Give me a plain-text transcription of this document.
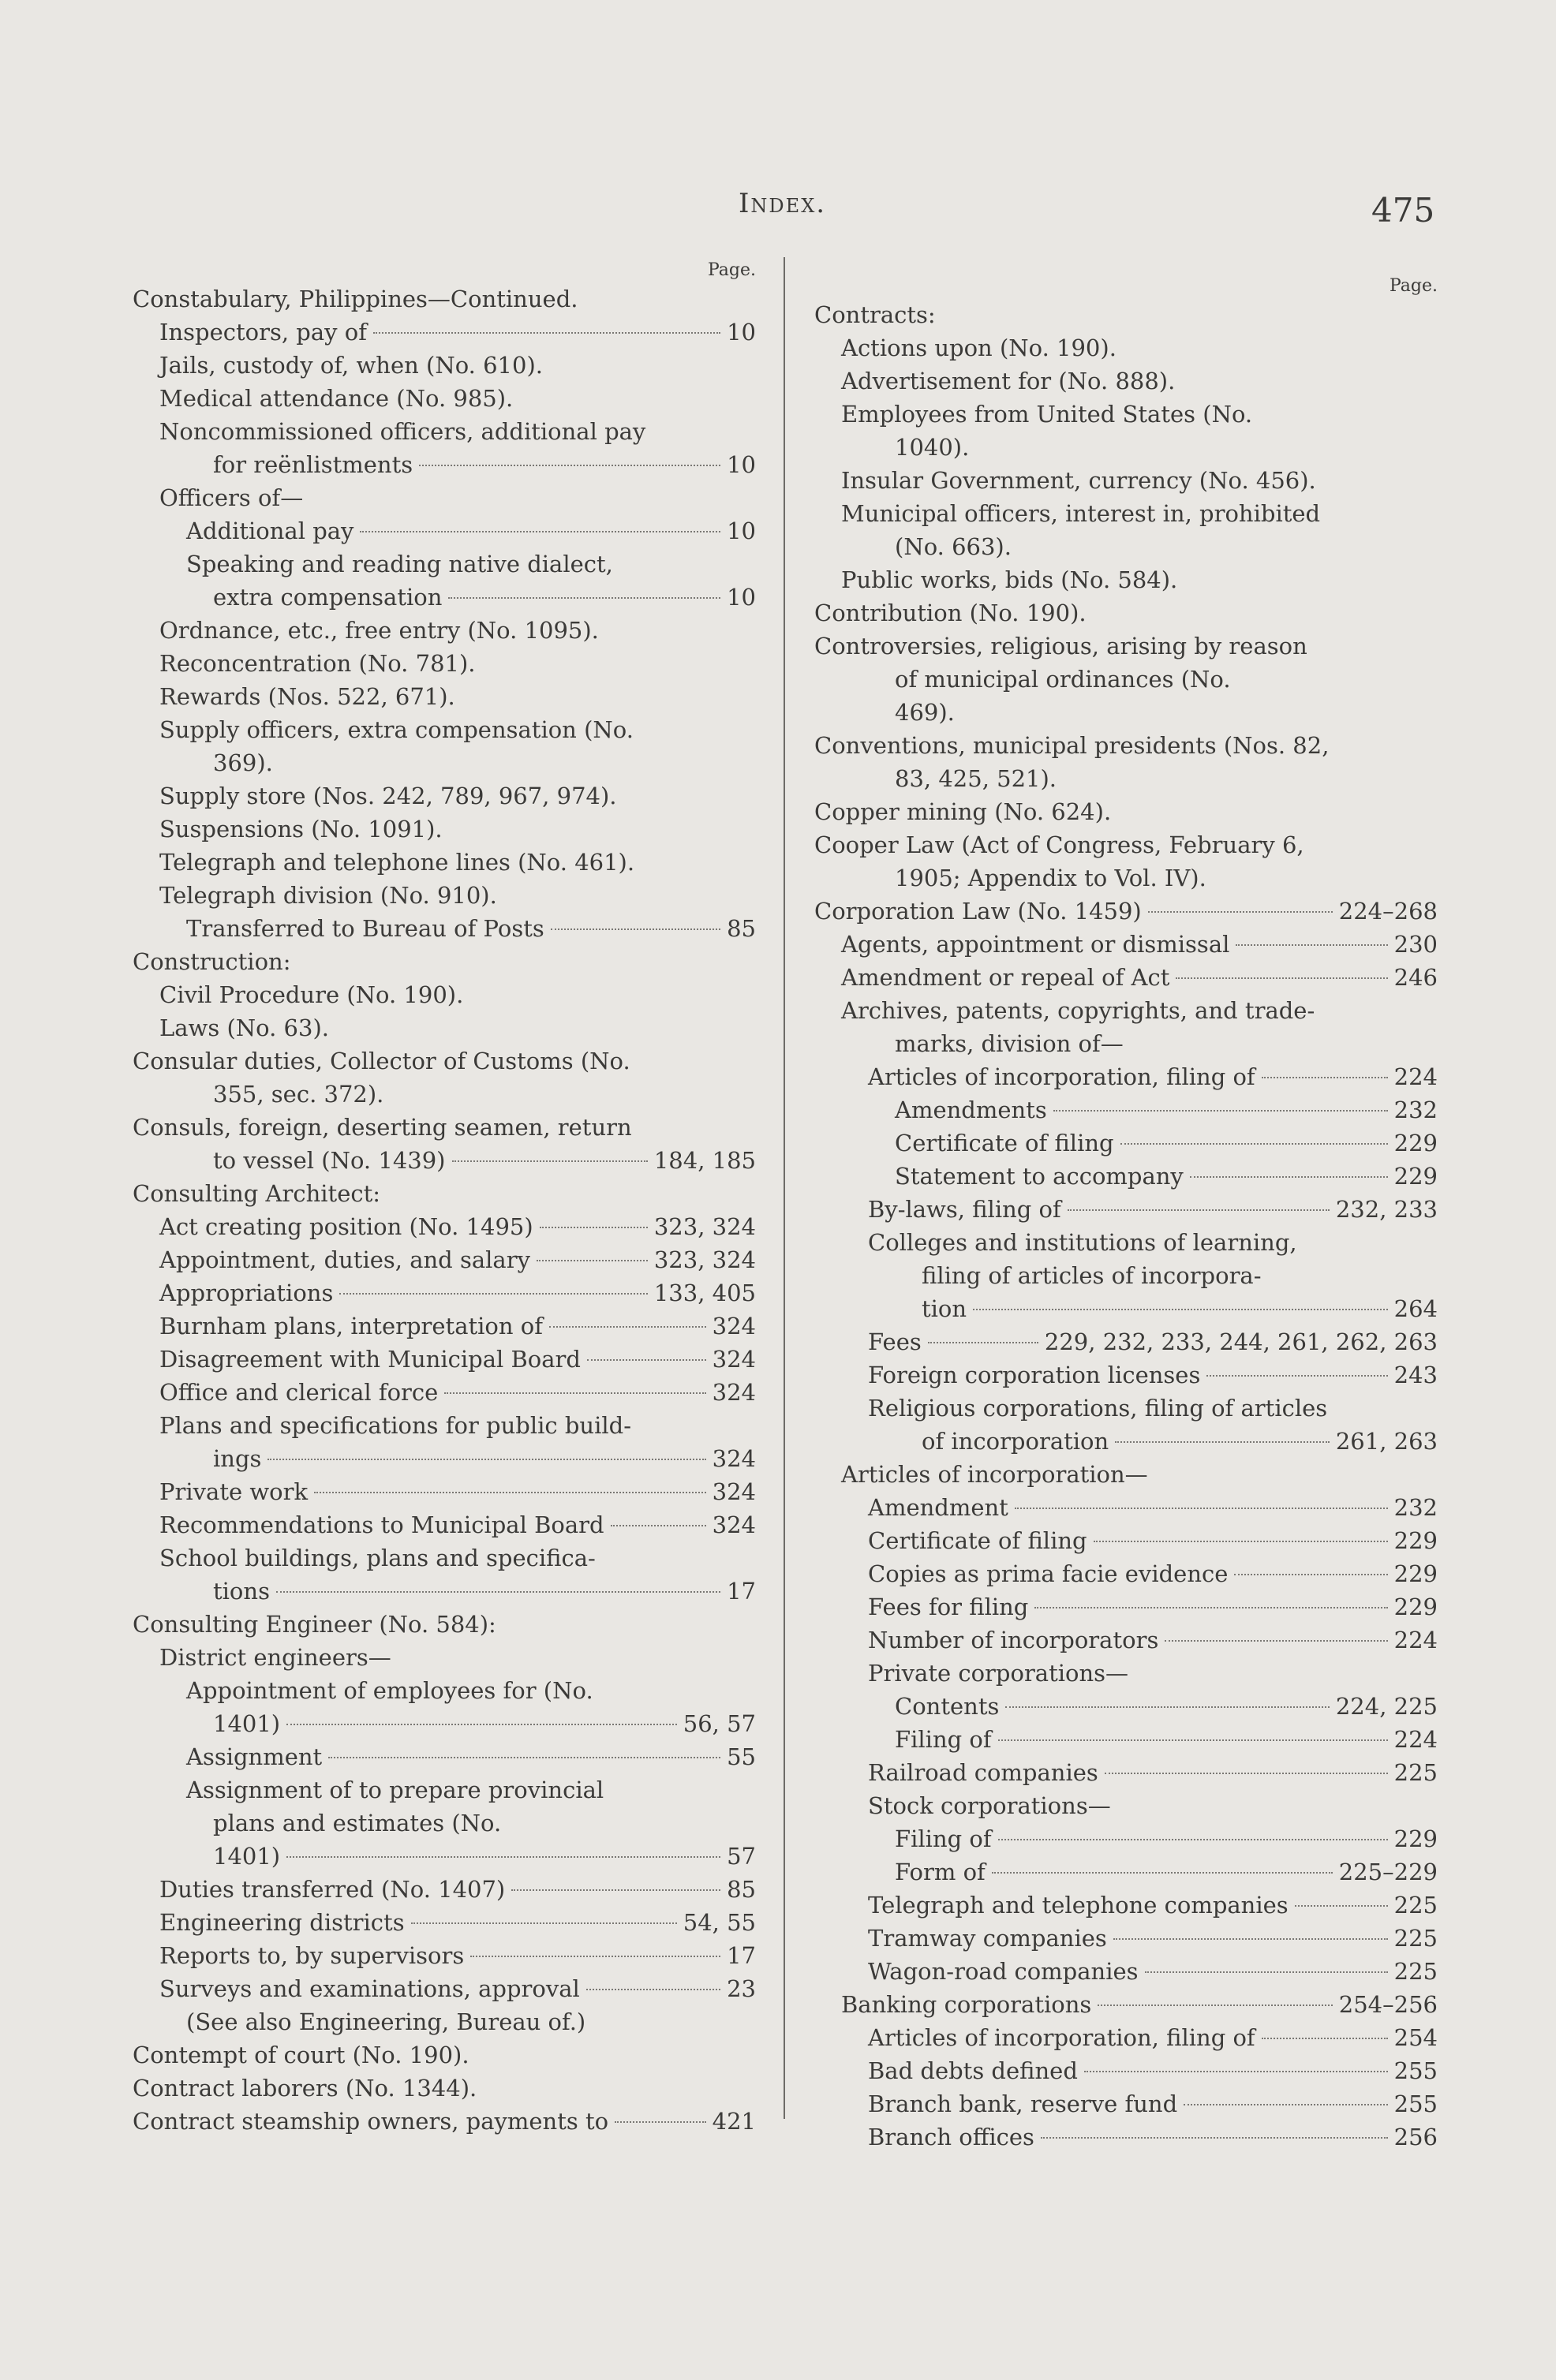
Index.	475
Page.
Constabulary, Philippines—Continued.
Inspectors, pay of	10
Jails, custody of, when (No. 610).
Medical attendance (No. 985).
Noncommissioned officers, additional pay
for reënlistments	10
Officers of—
Additional pay	10
Speaking and reading native dialect,
extra compensation	10
Ordnance, etc., free entry (No. 1095).
Reconcentration (No. 781).
Rewards (Nos. 522, 671).
Supply officers, extra compensation (No.
369).
Supply store (Nos. 242, 789, 967, 974).
Suspensions (No. 1091).
Telegraph and telephone lines (No. 461).
Telegraph division (No. 910).
Transferred to Bureau of Posts	85
Construction:
Civil Procedure (No. 190).
Laws (No. 63).
Consular duties, Collector of Customs (No.
355, sec. 372).
Consuls, foreign, deserting seamen, return
to vessel (No. 1439)	184, 185
Consulting Architect:
Act creating position (No. 1495)	323, 324
Appointment, duties, and salary	323, 324
Appropriations	133, 405
Burnham plans, interpretation of	324
Disagreement with Municipal Board	324
Office and clerical force	324
Plans and specifications for public build-
ings	324
Private work	324
Recommendations to Municipal Board	324
School buildings, plans and specifica-
tions	17
Consulting Engineer (No. 584):
District engineers—
Appointment of employees for (No.
1401)	56, 57
Assignment	55
Assignment of to prepare provincial
plans and estimates (No.
1401)	57
Duties transferred (No. 1407)	85
Engineering districts	54, 55
Reports to, by supervisors	17
Surveys and examinations, approval	23
(See also Engineering, Bureau of.)
Contempt of court (No. 190).
Contract laborers (No. 1344).
Contract steamship owners, payments to	421
Page.
Contracts:
Actions upon (No. 190).
Advertisement for (No. 888).
Employees from United States (No.
1040).
Insular Government, currency (No. 456).
Municipal officers, interest in, prohibited
(No. 663).
Public works, bids (No. 584).
Contribution (No. 190).
Controversies, religious, arising by reason
of municipal ordinances (No.
469).
Conventions, municipal presidents (Nos. 82,
83, 425, 521).
Copper mining (No. 624).
Cooper Law (Act of Congress, February 6,
1905; Appendix to Vol. IV).
Corporation Law (No. 1459)	224–268
Agents, appointment or dismissal	230
Amendment or repeal of Act	246
Archives, patents, copyrights, and trade-
marks, division of—
Articles of incorporation, filing of	224
Amendments	232
Certificate of filing	229
Statement to accompany	229
By-laws, filing of	232, 233
Colleges and institutions of learning,
filing of articles of incorpora-
tion	264
Fees	229, 232, 233, 244, 261, 262, 263
Foreign corporation licenses	243
Religious corporations, filing of articles
of incorporation	261, 263
Articles of incorporation—
Amendment	232
Certificate of filing	229
Copies as prima facie evidence	229
Fees for filing	229
Number of incorporators	224
Private corporations—
Contents	224, 225
Filing of	224
Railroad companies	225
Stock corporations—
Filing of	229
Form of	225–229
Telegraph and telephone companies	225
Tramway companies	225
Wagon-road companies	225
Banking corporations	254–256
Articles of incorporation, filing of	254
Bad debts defined	255
Branch bank, reserve fund	255
Branch offices	256
